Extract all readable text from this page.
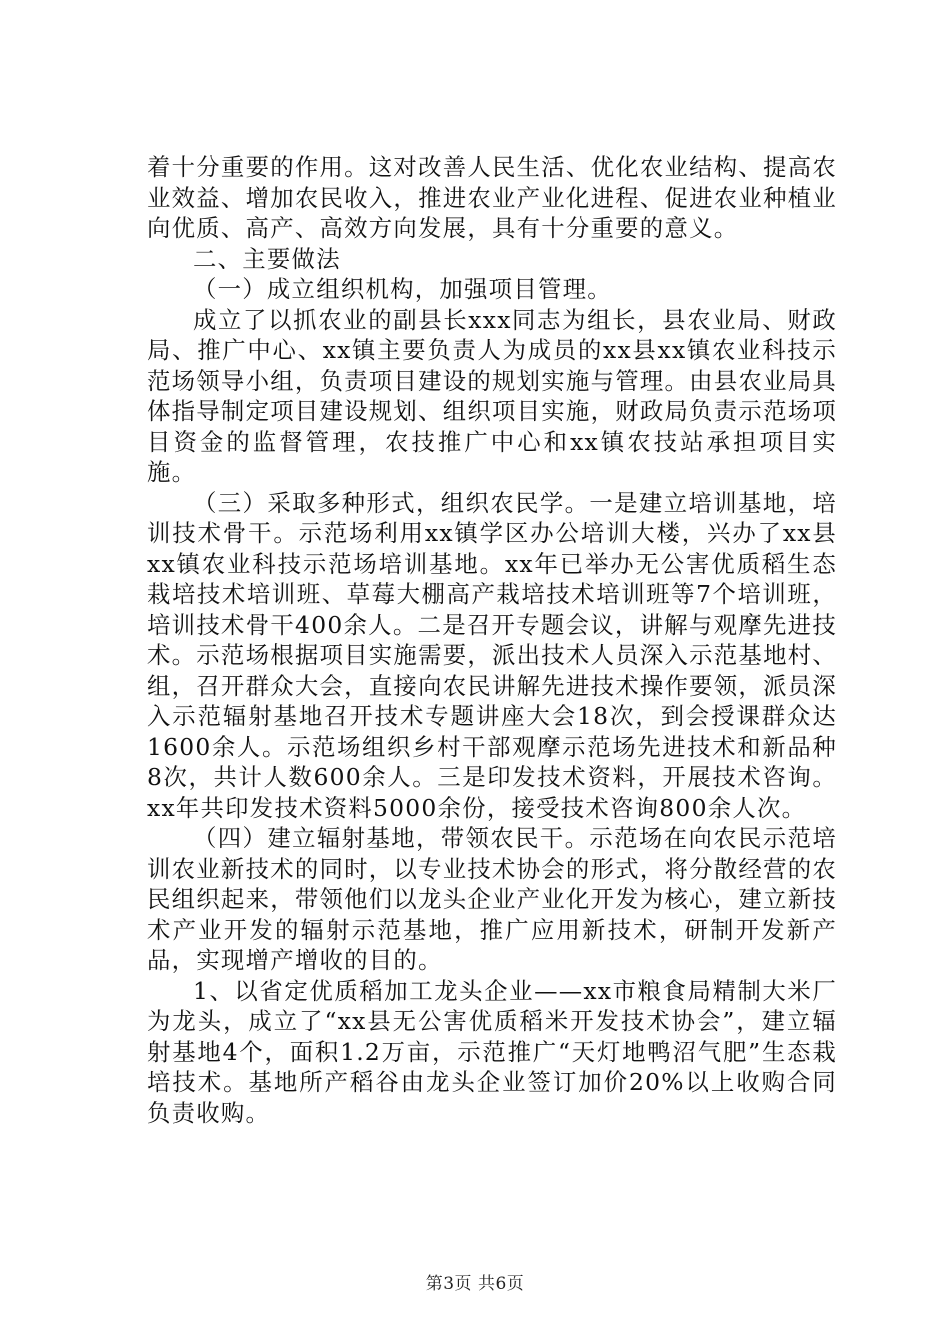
着十分重要的作用。这对改善人民生活、优化农业结构、提高农业效益、增加农民收入，推进农业产业化进程、促进农业种植业向优质、高产、高效方向发展，具有十分重要的意义。

二、主要做法

（一）成立组织机构，加强项目管理。

成立了以抓农业的副县长xxx同志为组长，县农业局、财政局、推广中心、xx镇主要负责人为成员的xx县xx镇农业科技示范场领导小组，负责项目建设的规划实施与管理。由县农业局具体指导制定项目建设规划、组织项目实施，财政局负责示范场项目资金的监督管理，农技推广中心和xx镇农技站承担项目实施。

（三）采取多种形式，组织农民学。一是建立培训基地，培训技术骨干。示范场利用xx镇学区办公培训大楼，兴办了xx县xx镇农业科技示范场培训基地。xx年已举办无公害优质稻生态栽培技术培训班、草莓大棚高产栽培技术培训班等7个培训班，培训技术骨干400余人。二是召开专题会议，讲解与观摩先进技术。示范场根据项目实施需要，派出技术人员深入示范基地村、组，召开群众大会，直接向农民讲解先进技术操作要领，派员深入示范辐射基地召开技术专题讲座大会18次，到会授课群众达1600余人。示范场组织乡村干部观摩示范场先进技术和新品种8次，共计人数600余人。三是印发技术资料，开展技术咨询。xx年共印发技术资料5000余份，接受技术咨询800余人次。

（四）建立辐射基地，带领农民干。示范场在向农民示范培训农业新技术的同时，以专业技术协会的形式，将分散经营的农民组织起来，带领他们以龙头企业产业化开发为核心，建立新技术产业开发的辐射示范基地，推广应用新技术，研制开发新产品，实现增产增收的目的。

1、以省定优质稻加工龙头企业——xx市粮食局精制大米厂为龙头，成立了“xx县无公害优质稻米开发技术协会”，建立辐射基地4个，面积1.2万亩，示范推广“天灯地鸭沼气肥”生态栽培技术。基地所产稻谷由龙头企业签订加价20%以上收购合同负责收购。

第3页 共6页
